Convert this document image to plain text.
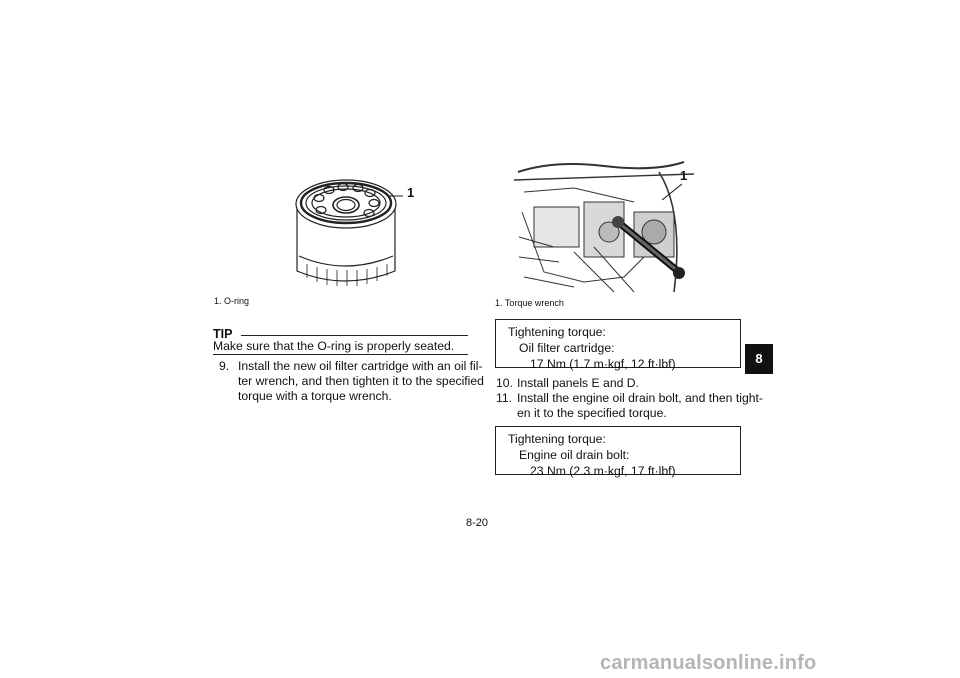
1
1. O-ring
1
1. Torque wrench
TIP
Make sure that the O-ring is properly seated.
9. Install the new oil filter cartridge with an oil fil-
ter wrench, and then tighten it to the specified
torque with a torque wrench.
Tightening torque:
Oil filter cartridge:
17 Nm (1.7 m·kgf, 12 ft·lbf)
10. Install panels E and D.
11. Install the engine oil drain bolt, and then tight-
en it to the specified torque.
Tightening torque:
Engine oil drain bolt:
23 Nm (2.3 m·kgf, 17 ft·lbf)
8
8-20
carmanualsonline.info
